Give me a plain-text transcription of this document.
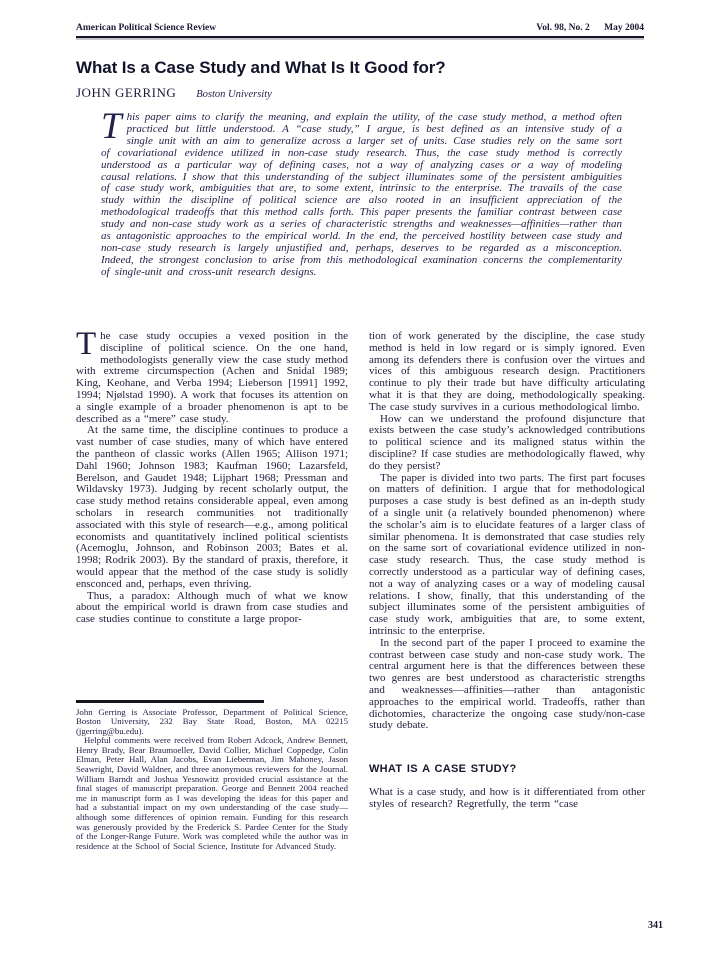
American Political Science Review	Vol. 98, No. 2 May 2004
What Is a Case Study and What Is It Good for?
JOHN GERRING Boston University
This paper aims to clarify the meaning, and explain the utility, of the case study method, a method often practiced but little understood. A “case study,” I argue, is best defined as an intensive study of a single unit with an aim to generalize across a larger set of units. Case studies rely on the same sort of covariational evidence utilized in non-case study research. Thus, the case study method is correctly understood as a particular way of defining cases, not a way of analyzing cases or a way of modeling causal relations. I show that this understanding of the subject illuminates some of the persistent ambiguities of case study work, ambiguities that are, to some extent, intrinsic to the enterprise. The travails of the case study within the discipline of political science are also rooted in an insufficient appreciation of the methodological tradeoffs that this method calls forth. This paper presents the familiar contrast between case study and non-case study work as a series of characteristic strengths and weaknesses—affinities—rather than as antagonistic approaches to the empirical world. In the end, the perceived hostility between case study and non-case study research is largely unjustified and, perhaps, deserves to be regarded as a misconception. Indeed, the strongest conclusion to arise from this methodological examination concerns the complementarity of single-unit and cross-unit research designs.

The case study occupies a vexed position in the discipline of political science. On the one hand, methodologists generally view the case study method with extreme circumspection (Achen and Snidal 1989; King, Keohane, and Verba 1994; Lieberson [1991] 1992, 1994; Njølstad 1990). A work that focuses its attention on a single example of a broader phenomenon is apt to be described as a “mere” case study.

At the same time, the discipline continues to produce a vast number of case studies, many of which have entered the pantheon of classic works (Allen 1965; Allison 1971; Dahl 1960; Johnson 1983; Kaufman 1960; Lazarsfeld, Berelson, and Gaudet 1948; Lijphart 1968; Pressman and Wildavsky 1973). Judging by recent scholarly output, the case study method retains considerable appeal, even among scholars in research communities not traditionally associated with this style of research—e.g., among political economists and quantitatively inclined political scientists (Acemoglu, Johnson, and Robinson 2003; Bates et al. 1998; Rodrik 2003). By the standard of praxis, therefore, it would appear that the method of the case study is solidly ensconced and, perhaps, even thriving.

Thus, a paradox: Although much of what we know about the empirical world is drawn from case studies and case studies continue to constitute a large propor-

John Gerring is Associate Professor, Department of Political Science, Boston University, 232 Bay State Road, Boston, MA 02215 (jgerring@bu.edu).

Helpful comments were received from Robert Adcock, Andrew Bennett, Henry Brady, Bear Braumoeller, David Collier, Michael Coppedge, Colin Elman, Peter Hall, Alan Jacobs, Evan Lieberman, Jim Mahoney, Jason Seawright, David Waldner, and three anonymous reviewers for the Journal. William Barndt and Joshua Yesnowitz provided crucial assistance at the final stages of manuscript preparation. George and Bennett 2004 reached me in manuscript form as I was developing the ideas for this paper and had a substantial impact on my own understanding of the case study—although some differences of opinion remain. Funding for this research was generously provided by the Frederick S. Pardee Center for the Study of the Longer-Range Future. Work was completed while the author was in residence at the School of Social Science, Institute for Advanced Study.

tion of work generated by the discipline, the case study method is held in low regard or is simply ignored. Even among its defenders there is confusion over the virtues and vices of this ambiguous research design. Practitioners continue to ply their trade but have difficulty articulating what it is that they are doing, methodologically speaking. The case study survives in a curious methodological limbo.

How can we understand the profound disjuncture that exists between the case study’s acknowledged contributions to political science and its maligned status within the discipline? If case studies are methodologically flawed, why do they persist?

The paper is divided into two parts. The first part focuses on matters of definition. I argue that for methodological purposes a case study is best defined as an in-depth study of a single unit (a relatively bounded phenomenon) where the scholar’s aim is to elucidate features of a larger class of similar phenomena. It is demonstrated that case studies rely on the same sort of covariational evidence utilized in non-case study research. Thus, the case study method is correctly understood as a particular way of defining cases, not a way of analyzing cases or a way of modeling causal relations. I show, finally, that this understanding of the subject illuminates some of the persistent ambiguities of case study work, ambiguities that are, to some extent, intrinsic to the enterprise.

In the second part of the paper I proceed to examine the contrast between case study and non-case study work. The central argument here is that the differences between these two genres are best understood as characteristic strengths and weaknesses—affinities—rather than antagonistic approaches to the empirical world. Tradeoffs, rather than dichotomies, characterize the ongoing case study/non-case study debate.

WHAT IS A CASE STUDY?

What is a case study, and how is it differentiated from other styles of research? Regretfully, the term “case

341
